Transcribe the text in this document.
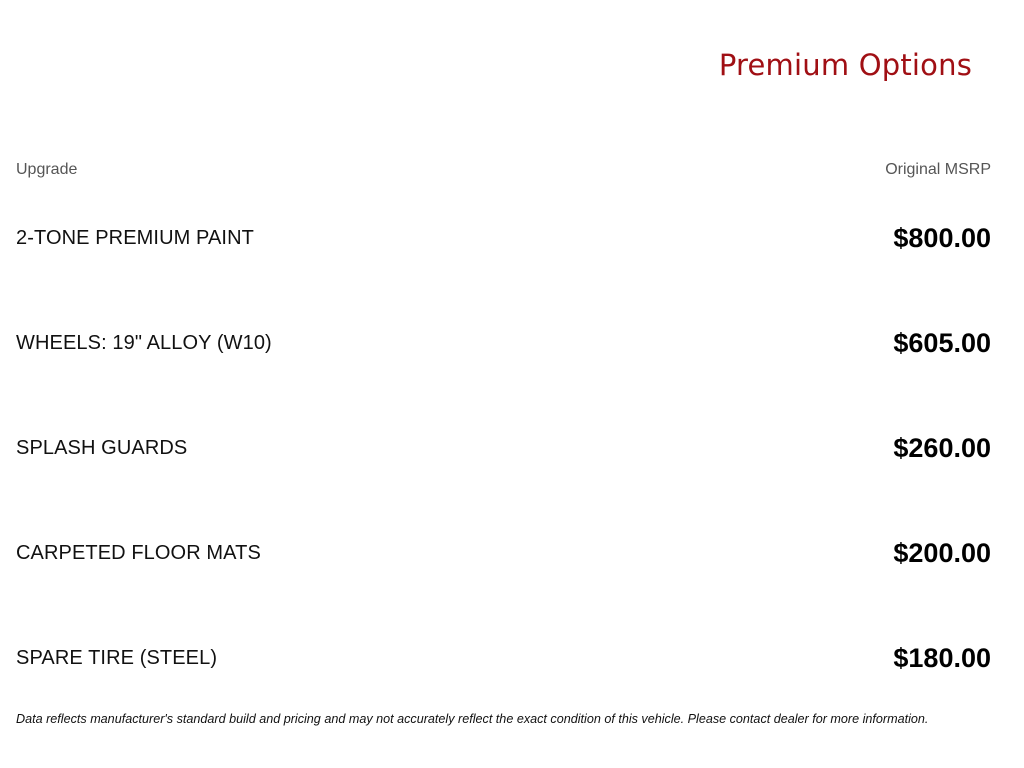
Premium Options
Upgrade	Original MSRP
2-TONE PREMIUM PAINT	$800.00
WHEELS: 19" ALLOY (W10)	$605.00
SPLASH GUARDS	$260.00
CARPETED FLOOR MATS	$200.00
SPARE TIRE (STEEL)	$180.00
Data reflects manufacturer's standard build and pricing and may not accurately reflect the exact condition of this vehicle. Please contact dealer for more information.
